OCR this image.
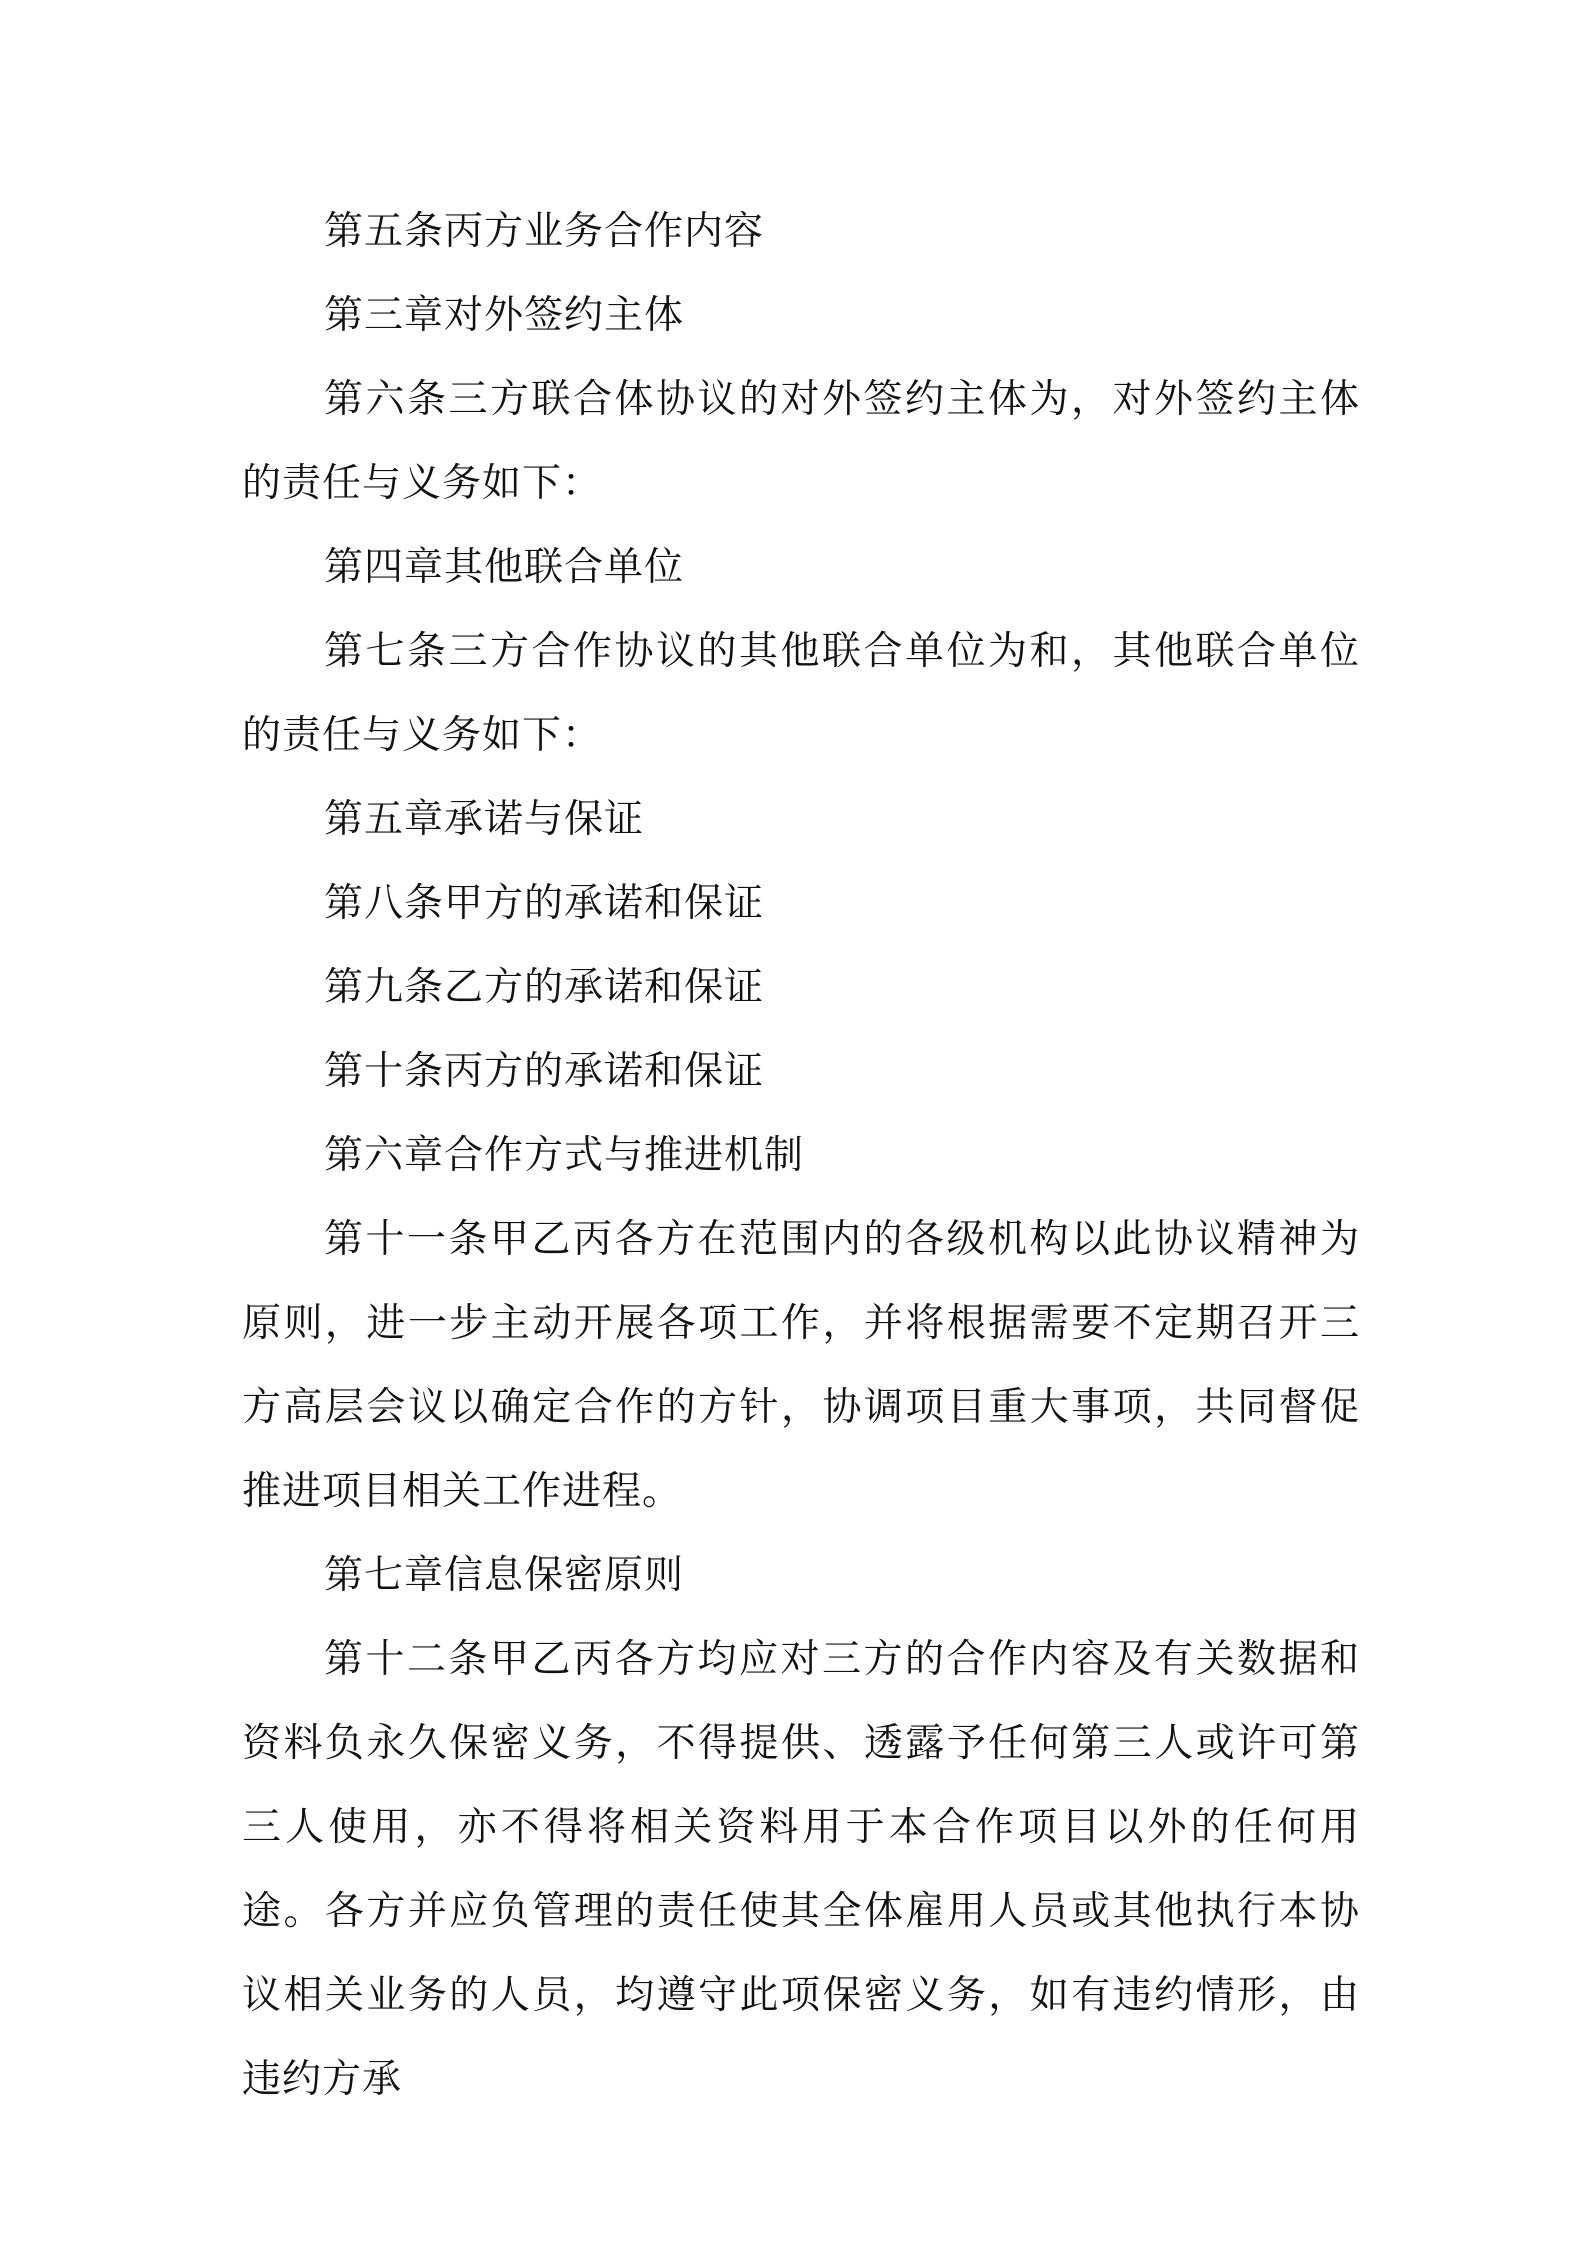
第五条丙方业务合作内容

第三章对外签约主体

第六条三方联合体协议的对外签约主体为，对外签约主体的责任与义务如下：

第四章其他联合单位

第七条三方合作协议的其他联合单位为和，其他联合单位的责任与义务如下：

第五章承诺与保证

第八条甲方的承诺和保证

第九条乙方的承诺和保证

第十条丙方的承诺和保证

第六章合作方式与推进机制

第十一条甲乙丙各方在范围内的各级机构以此协议精神为原则，进一步主动开展各项工作，并将根据需要不定期召开三方高层会议以确定合作的方针，协调项目重大事项，共同督促推进项目相关工作进程。

第七章信息保密原则

第十二条甲乙丙各方均应对三方的合作内容及有关数据和资料负永久保密义务，不得提供、透露予任何第三人或许可第三人使用，亦不得将相关资料用于本合作项目以外的任何用途。各方并应负管理的责任使其全体雇用人员或其他执行本协议相关业务的人员，均遵守此项保密义务，如有违约情形，由违约方承
